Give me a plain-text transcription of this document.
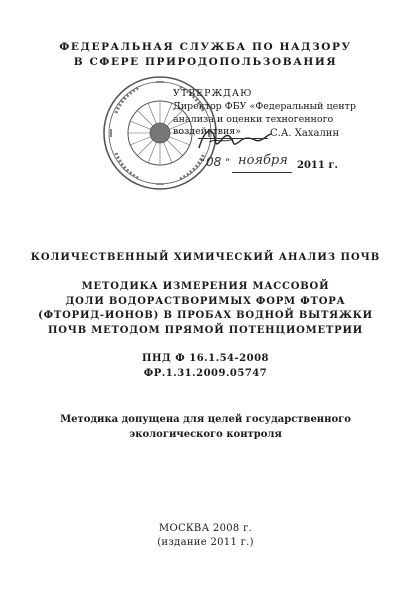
ФЕДЕРАЛЬНАЯ СЛУЖБА ПО НАДЗОРУ
В СФЕРЕ ПРИРОДОПОЛЬЗОВАНИЯ
УТВЕРЖДАЮ
Директор ФБУ «Федеральный центр
анализа и оценки техногенного
воздействия»	С.А. Хахалин
“ 08 ” ноября 2011 г.
КОЛИЧЕСТВЕННЫЙ ХИМИЧЕСКИЙ АНАЛИЗ ПОЧВ
МЕТОДИКА ИЗМЕРЕНИЯ МАССОВОЙ
ДОЛИ ВОДОРАСТВОРИМЫХ ФОРМ ФТОРА
(ФТОРИД-ИОНОВ) В ПРОБАХ ВОДНОЙ ВЫТЯЖКИ
ПОЧВ МЕТОДОМ ПРЯМОЙ ПОТЕНЦИОМЕТРИИ
ПНД Ф 16.1.54-2008
ФР.1.31.2009.05747
Методика допущена для целей государственного
экологического контроля
МОСКВА 2008 г.
(издание 2011 г.)
